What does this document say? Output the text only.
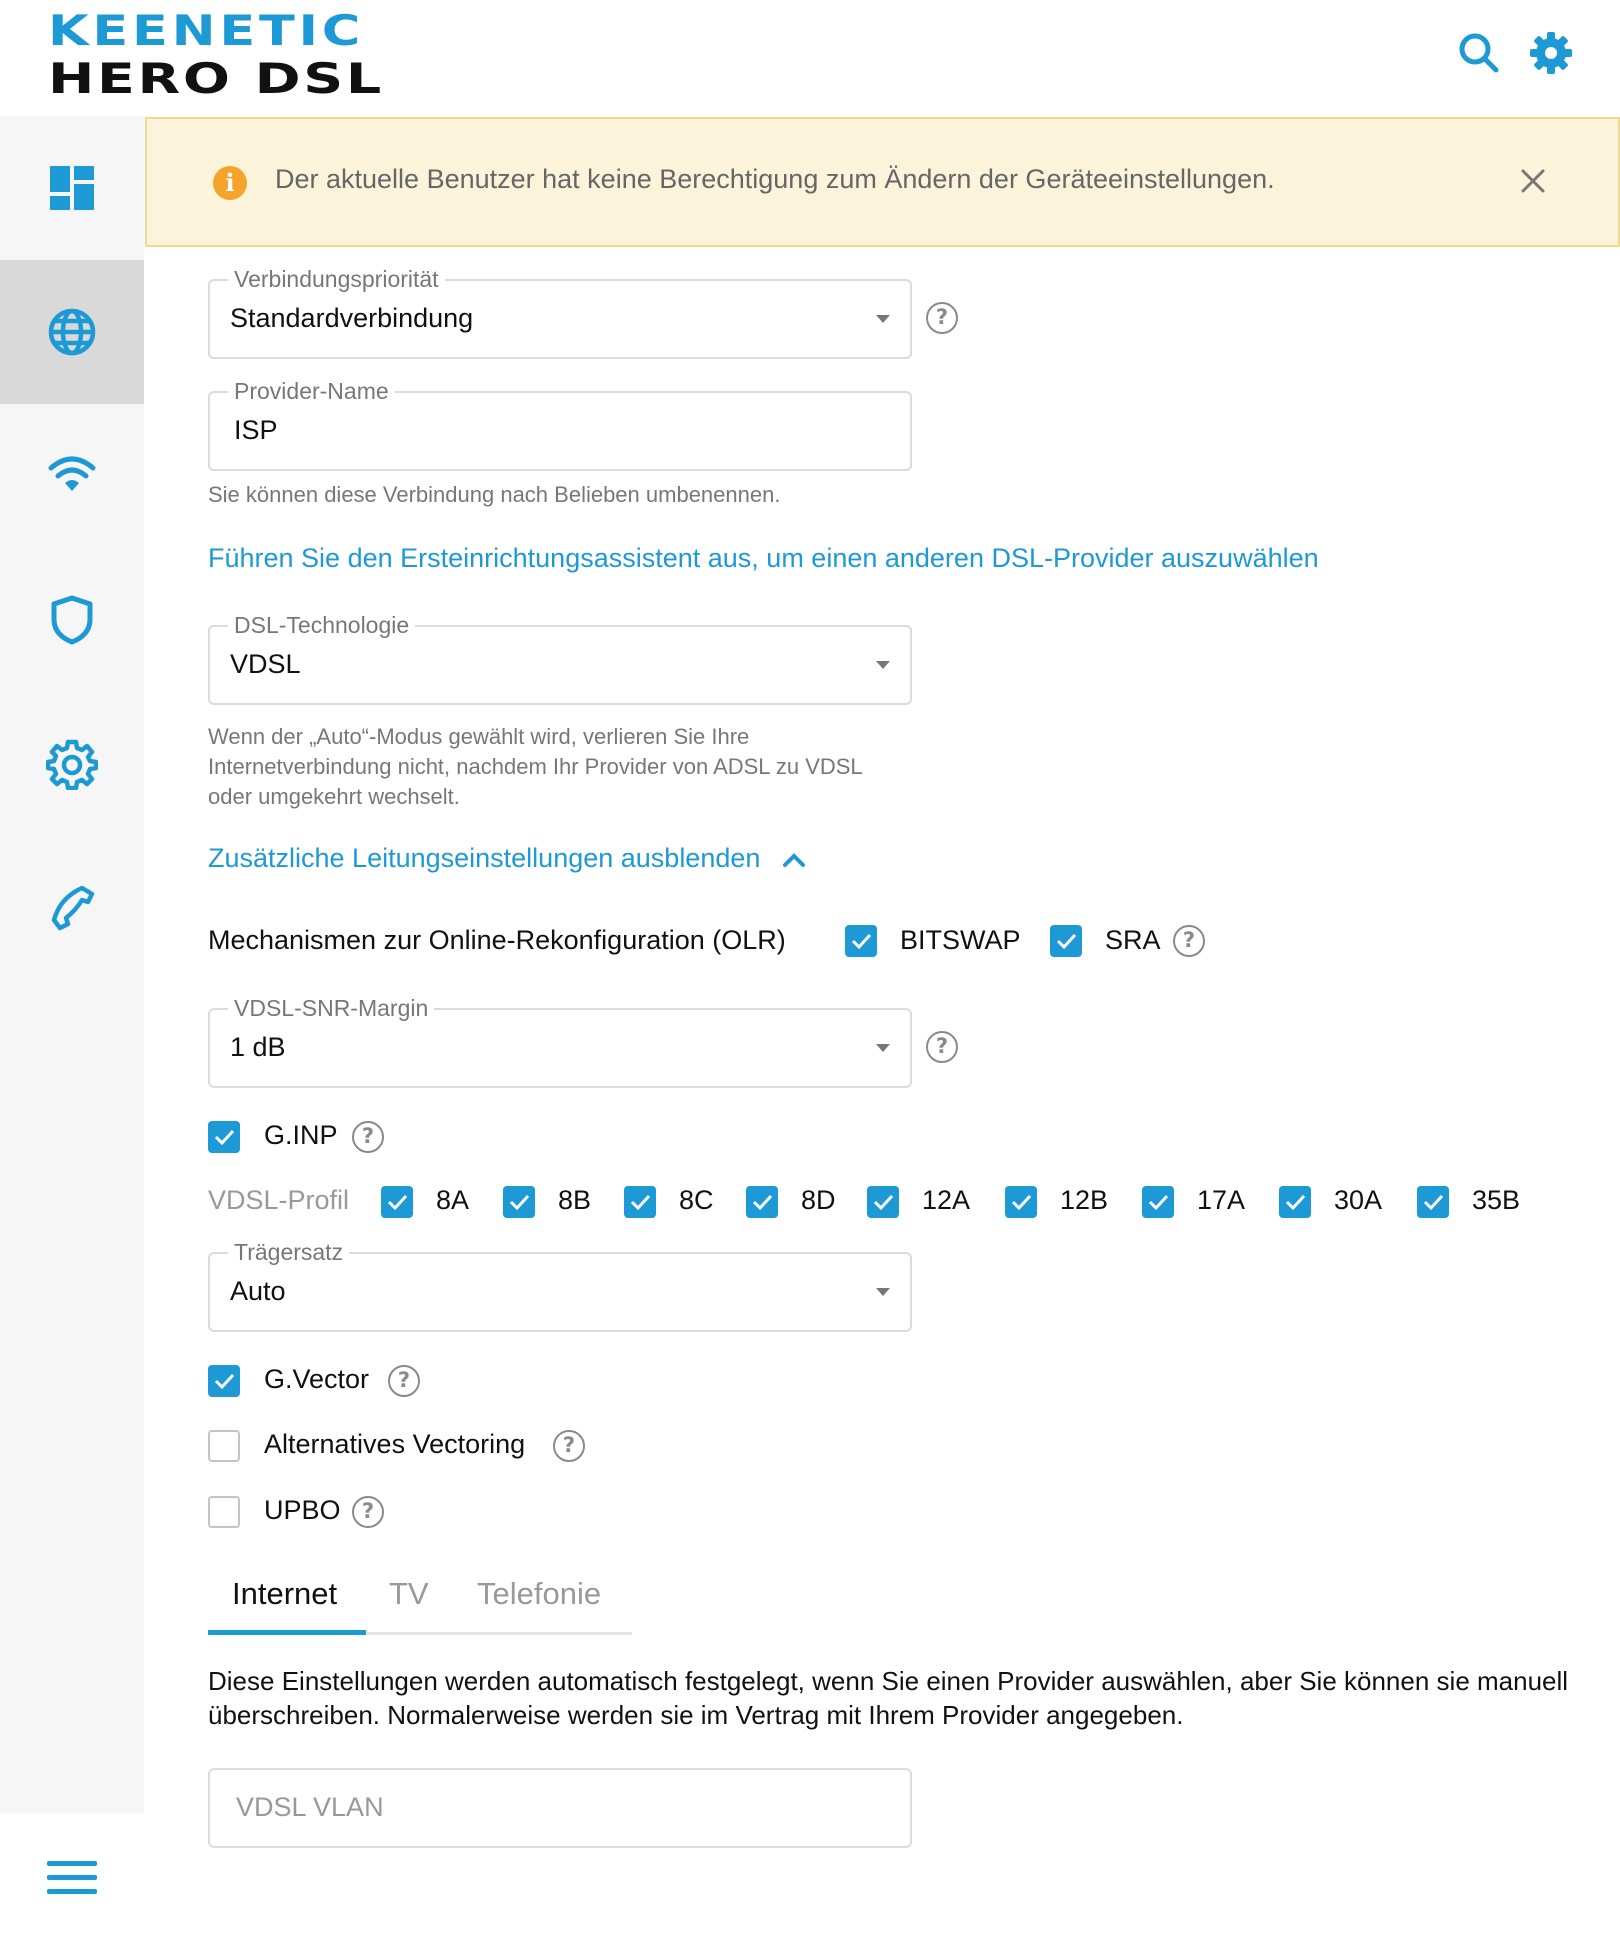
KEENETIC
HERO DSL
i	Der aktuelle Benutzer hat keine Berechtigung zum Ändern der Geräteeinstellungen.
Verbindungspriorität
Standardverbindung	?
Provider-Name
ISP
Sie können diese Verbindung nach Belieben umbenennen.
Führen Sie den Ersteinrichtungsassistent aus, um einen anderen DSL-Provider auszuwählen
DSL-Technologie
VDSL
Wenn der „Auto“-Modus gewählt wird, verlieren Sie Ihre
Internetverbindung nicht, nachdem Ihr Provider von ADSL zu VDSL
oder umgekehrt wechselt.
Zusätzliche Leitungseinstellungen ausblenden
Mechanismen zur Online-Rekonfiguration (OLR)	BITSWAP	SRA	?
VDSL-SNR-Margin
1 dB	?
G.INP	?
VDSL-Profil	8A	8B	8C	8D	12A	12B	17A	30A	35B
Trägersatz
Auto
G.Vector	?
Alternatives Vectoring	?
UPBO	?
Internet TV Telefonie
Diese Einstellungen werden automatisch festgelegt, wenn Sie einen Provider auswählen, aber Sie können sie manuell überschreiben. Normalerweise werden sie im Vertrag mit Ihrem Provider angegeben.
VDSL VLAN
